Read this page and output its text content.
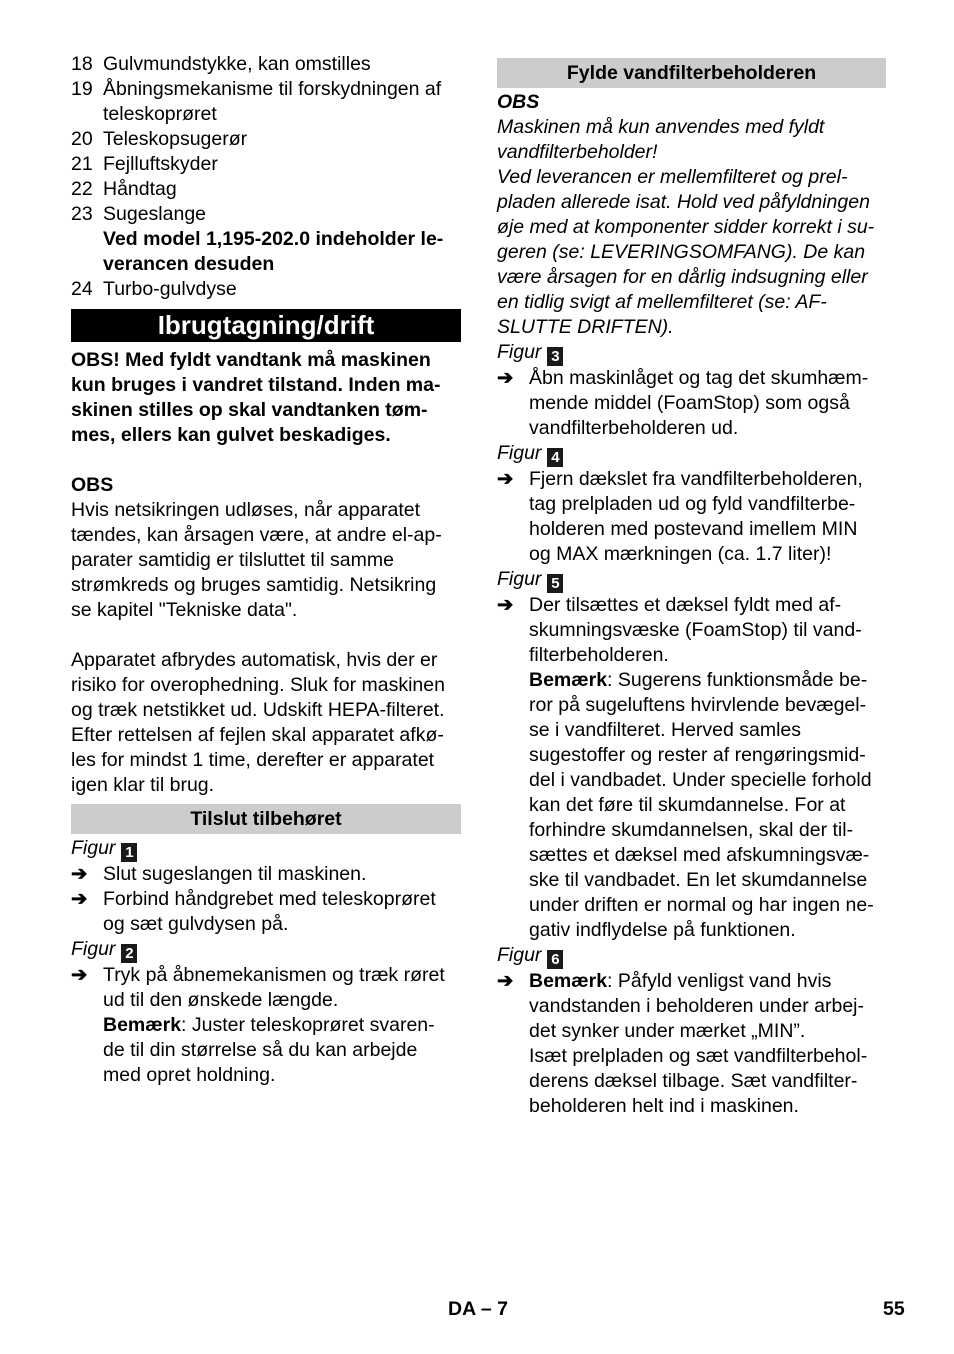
18 Gulvmundstykke, kan omstilles
19 Åbningsmekanisme til forskydningen af
teleskoprøret
20 Teleskopsugerør
21 Fejlluftskyder
22 Håndtag
23 Sugeslange
Ved model 1,195-202.0 indeholder le-
verancen desuden
24 Turbo-gulvdyse
Ibrugtagning/drift
OBS! Med fyldt vandtank må maskinen
kun bruges i vandret tilstand. Inden ma-
skinen stilles op skal vandtanken tøm-
mes, ellers kan gulvet beskadiges.
OBS
Hvis netsikringen udløses, når apparatet
tændes, kan årsagen være, at andre el-ap-
parater samtidig er tilsluttet til samme
strømkreds og bruges samtidig. Netsikring
se kapitel "Tekniske data".
Apparatet afbrydes automatisk, hvis der er
risiko for overophedning. Sluk for maskinen
og træk netstikket ud. Udskift HEPA-filteret.
Efter rettelsen af fejlen skal apparatet afkø-
les for mindst 1 time, derefter er apparatet
igen klar til brug.
Tilslut tilbehøret
Figur 1
➔ Slut sugeslangen til maskinen.
➔ Forbind håndgrebet med teleskoprøret
og sæt gulvdysen på.
Figur 2
➔ Tryk på åbnemekanismen og træk røret
ud til den ønskede længde.
Bemærk: Juster teleskoprøret svaren-
de til din størrelse så du kan arbejde
med opret holdning.
Fylde vandfilterbeholderen
OBS
Maskinen må kun anvendes med fyldt
vandfilterbeholder!
Ved leverancen er mellemfilteret og prel-
pladen allerede isat. Hold ved påfyldningen
øje med at komponenter sidder korrekt i su-
geren (se: LEVERINGSOMFANG). De kan
være årsagen for en dårlig indsugning eller
en tidlig svigt af mellemfilteret (se: AF-
SLUTTE DRIFTEN).
Figur 3
➔ Åbn maskinlåget og tag det skumhæm-
mende middel (FoamStop) som også
vandfilterbeholderen ud.
Figur 4
➔ Fjern dækslet fra vandfilterbeholderen,
tag prelpladen ud og fyld vandfilterbe-
holderen med postevand imellem MIN
og MAX mærkningen (ca. 1.7 liter)!
Figur 5
➔ Der tilsættes et dæksel fyldt med af-
skumningsvæske (FoamStop) til vand-
filterbeholderen.
Bemærk: Sugerens funktionsmåde be-
ror på sugeluftens hvirvlende bevægel-
se i vandfilteret. Herved samles
sugestoffer og rester af rengøringsmid-
del i vandbadet. Under specielle forhold
kan det føre til skumdannelse. For at
forhindre skumdannelsen, skal der til-
sættes et dæksel med afskumningsvæ-
ske til vandbadet. En let skumdannelse
under driften er normal og har ingen ne-
gativ indflydelse på funktionen.
Figur 6
➔ Bemærk: Påfyld venligst vand hvis
vandstanden i beholderen under arbej-
det synker under mærket „MIN”.
Isæt prelpladen og sæt vandfilterbehol-
derens dæksel tilbage. Sæt vandfilter-
beholderen helt ind i maskinen.
DA – 7	55
